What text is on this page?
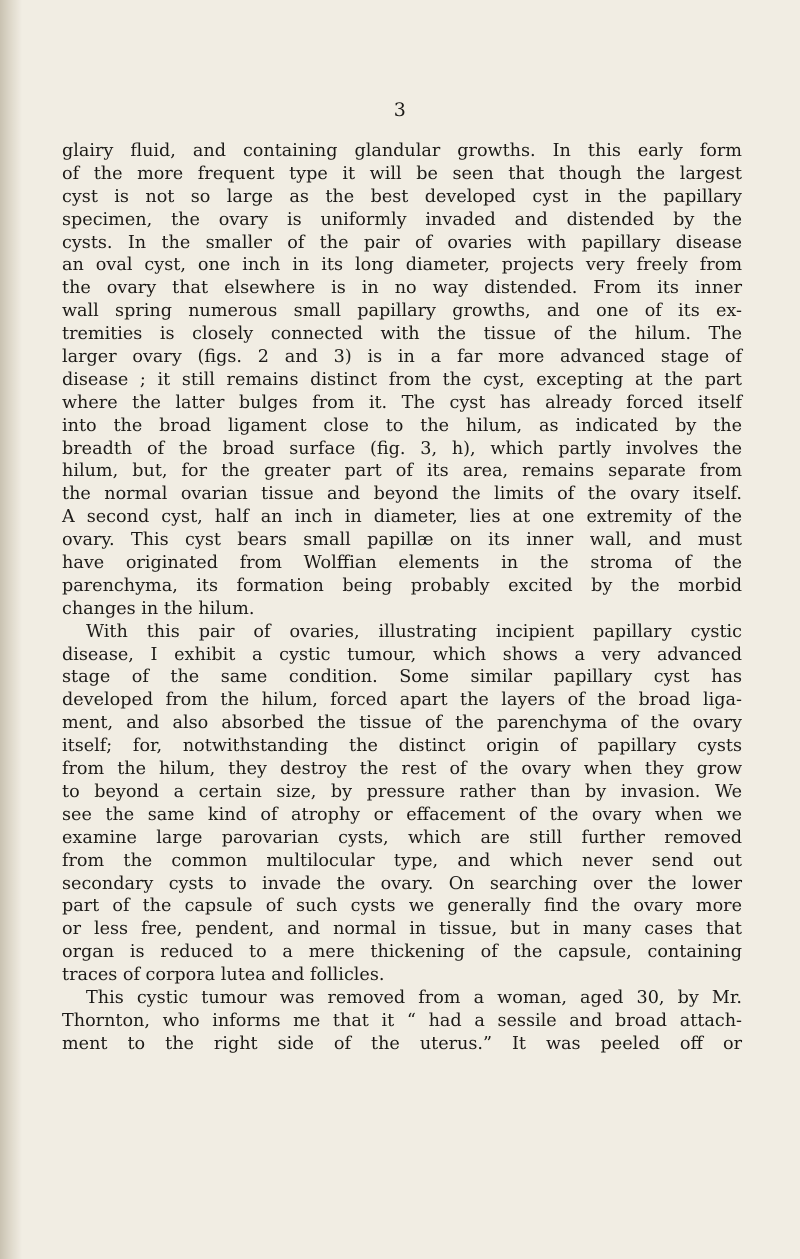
3
glairy fluid, and containing glandular growths. In this early form
of the more frequent type it will be seen that though the largest
cyst is not so large as the best developed cyst in the papillary
specimen, the ovary is uniformly invaded and distended by the
cysts. In the smaller of the pair of ovaries with papillary disease
an oval cyst, one inch in its long diameter, projects very freely from
the ovary that elsewhere is in no way distended. From its inner
wall spring numerous small papillary growths, and one of its ex-
tremities is closely connected with the tissue of the hilum. The
larger ovary (figs. 2 and 3) is in a far more advanced stage of
disease ; it still remains distinct from the cyst, excepting at the part
where the latter bulges from it. The cyst has already forced itself
into the broad ligament close to the hilum, as indicated by the
breadth of the broad surface (fig. 3, h), which partly involves the
hilum, but, for the greater part of its area, remains separate from
the normal ovarian tissue and beyond the limits of the ovary itself.
A second cyst, half an inch in diameter, lies at one extremity of the
ovary. This cyst bears small papillæ on its inner wall, and must
have originated from Wolffian elements in the stroma of the
parenchyma, its formation being probably excited by the morbid
changes in the hilum.
With this pair of ovaries, illustrating incipient papillary cystic
disease, I exhibit a cystic tumour, which shows a very advanced
stage of the same condition. Some similar papillary cyst has
developed from the hilum, forced apart the layers of the broad liga-
ment, and also absorbed the tissue of the parenchyma of the ovary
itself; for, notwithstanding the distinct origin of papillary cysts
from the hilum, they destroy the rest of the ovary when they grow
to beyond a certain size, by pressure rather than by invasion. We
see the same kind of atrophy or effacement of the ovary when we
examine large parovarian cysts, which are still further removed
from the common multilocular type, and which never send out
secondary cysts to invade the ovary. On searching over the lower
part of the capsule of such cysts we generally find the ovary more
or less free, pendent, and normal in tissue, but in many cases that
organ is reduced to a mere thickening of the capsule, containing
traces of corpora lutea and follicles.
This cystic tumour was removed from a woman, aged 30, by Mr.
Thornton, who informs me that it “ had a sessile and broad attach-
ment to the right side of the uterus.” It was peeled off or
